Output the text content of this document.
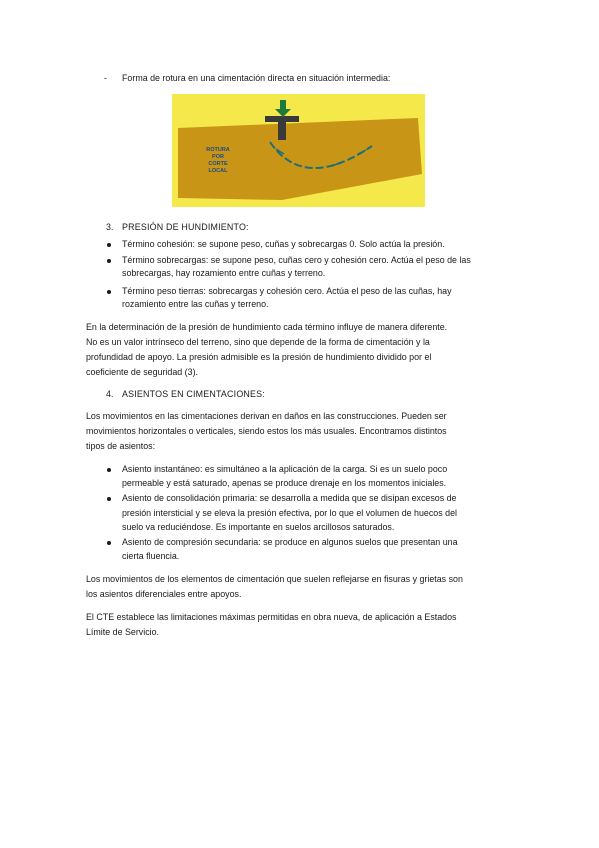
- Forma de rotura en una cimentación directa en situación intermedia:
ROTURA
POR
CORTE
LOCAL
3. PRESIÓN DE HUNDIMIENTO:
Término cohesión: se supone peso, cuñas y sobrecargas 0. Solo actúa la presión.
Término sobrecargas: se supone peso, cuñas cero y cohesión cero. Actúa el peso de las
sobrecargas, hay rozamiento entre cuñas y terreno.
Término peso tierras: sobrecargas y cohesión cero. Actúa el peso de las cuñas, hay
rozamiento entre las cuñas y terreno.
En la determinación de la presión de hundimiento cada término influye de manera diferente.
No es un valor intrínseco del terreno, sino que depende de la forma de cimentación y la
profundidad de apoyo. La presión admisible es la presión de hundimiento dividido por el
coeficiente de seguridad (3).
4. ASIENTOS EN CIMENTACIONES:
Los movimientos en las cimentaciones derivan en daños en las construcciones. Pueden ser
movimientos horizontales o verticales, siendo estos los más usuales. Encontramos distintos
tipos de asientos:
Asiento instantáneo: es simultáneo a la aplicación de la carga. Si es un suelo poco
permeable y está saturado, apenas se produce drenaje en los momentos iniciales.
Asiento de consolidación primaria: se desarrolla a medida que se disipan excesos de
presión intersticial y se eleva la presión efectiva, por lo que el volumen de huecos del
suelo va reduciéndose. Es importante en suelos arcillosos saturados.
Asiento de compresión secundaria: se produce en algunos suelos que presentan una
cierta fluencia.
Los movimientos de los elementos de cimentación que suelen reflejarse en fisuras y grietas son
los asientos diferenciales entre apoyos.
El CTE establece las limitaciones máximas permitidas en obra nueva, de aplicación a Estados
Límite de Servicio.
